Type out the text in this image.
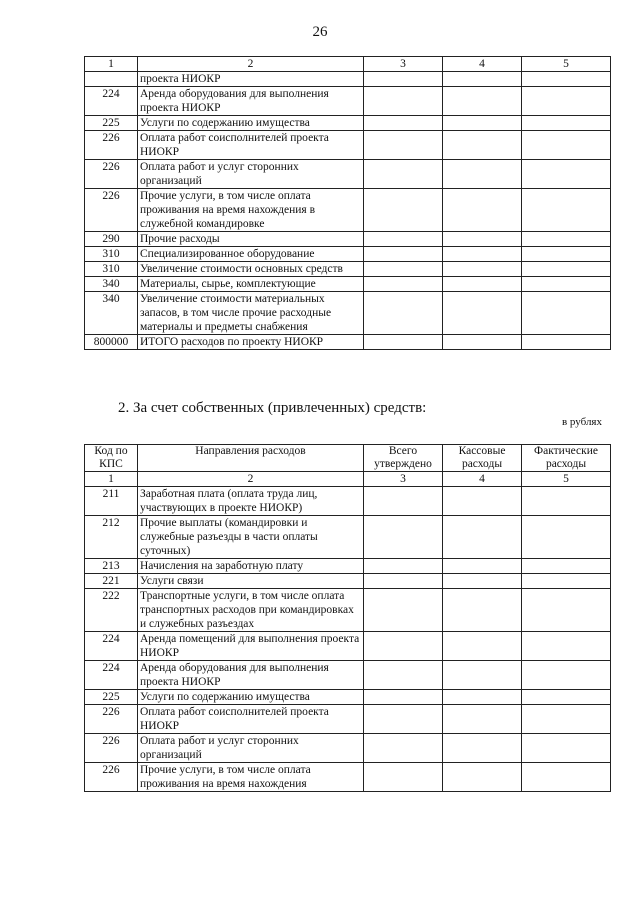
26
1	2	3	4	5
	проекта НИОКР			
224	Аренда оборудования для выполнения проекта НИОКР			
225	Услуги по содержанию имущества			
226	Оплата работ соисполнителей проекта НИОКР			
226	Оплата работ и услуг сторонних организаций			
226	Прочие услуги, в том числе оплата проживания на время нахождения в служебной командировке			
290	Прочие расходы			
310	Специализированное оборудование			
310	Увеличение стоимости основных средств			
340	Материалы, сырье, комплектующие			
340	Увеличение стоимости материальных запасов, в том числе прочие расходные материалы и предметы снабжения			
800000	ИТОГО расходов по проекту НИОКР			
2. За счет собственных (привлеченных) средств:
в рублях
Код по КПС	Направления расходов	Всего утверждено	Кассовые расходы	Фактические расходы
1	2	3	4	5
211	Заработная плата (оплата труда лиц, участвующих в проекте НИОКР)			
212	Прочие выплаты (командировки и служебные разъезды в части оплаты суточных)			
213	Начисления на заработную плату			
221	Услуги связи			
222	Транспортные услуги, в том числе оплата транспортных расходов при командировках и служебных разъездах			
224	Аренда помещений для выполнения проекта НИОКР			
224	Аренда оборудования для выполнения проекта НИОКР			
225	Услуги по содержанию имущества			
226	Оплата работ соисполнителей проекта НИОКР			
226	Оплата работ и услуг сторонних организаций			
226	Прочие услуги, в том числе оплата проживания на время нахождения			
